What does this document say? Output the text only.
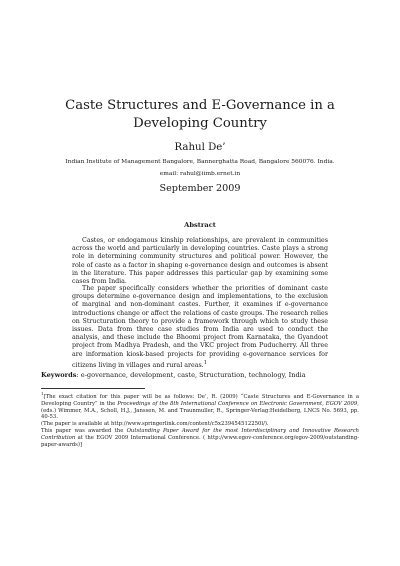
Caste Structures and E-Governance in a Developing Country
Rahul De’
Indian Institute of Management Bangalore, Bannerghatta Road, Bangalore 560076. India.
email: rahul@iimb.ernet.in
September 2009
Abstract

Castes, or endogamous kinship relationships, are prevalent in communities across the world and particularly in developing countries. Caste plays a strong role in determining community structures and political power. However, the role of caste as a factor in shaping e-governance design and outcomes is absent in the literature. This paper addresses this particular gap by examining some cases from India.

The paper specifically considers whether the priorities of dominant caste groups determine e-governance design and implementations, to the exclusion of marginal and non-dominant castes. Further, it examines if e-governance introductions change or affect the relations of caste groups. The research relies on Structuration theory to provide a framework through which to study these issues. Data from three case studies from India are used to conduct the analysis, and these include the Bhoomi project from Karnataka, the Gyandoot project from Madhya Pradesh, and the VKC project from Puducherry. All three are information kiosk-based projects for providing e-governance services for citizens living in villages and rural areas.$^1$

Keywords: e-governance, development, caste, Structuration, technology, India

$^1$[The exact citation for this paper will be as follows: De’, R. (2009) “Caste Structures and E-Governance in a Developing Country” in the Proceedings of the 8th International Conference on Electronic Government, EGOV 2009, (eds.) Wimmer, M.A., Scholl, H.J., Janssen, M. and Traunmuller, R., Springer-Verlag:Heidelberg, LNCS No. 5693, pp. 40-53.
(The paper is available at http://www.springerlink.com/content/c5x239454512250l/).
This paper was awarded the Outstanding Paper Award for the most Interdisciplinary and Innovative Research Contribution at the EGOV 2009 International Conference. ( http://www.egov-conference.org/egov-2009/outstanding-paper-awards)]
